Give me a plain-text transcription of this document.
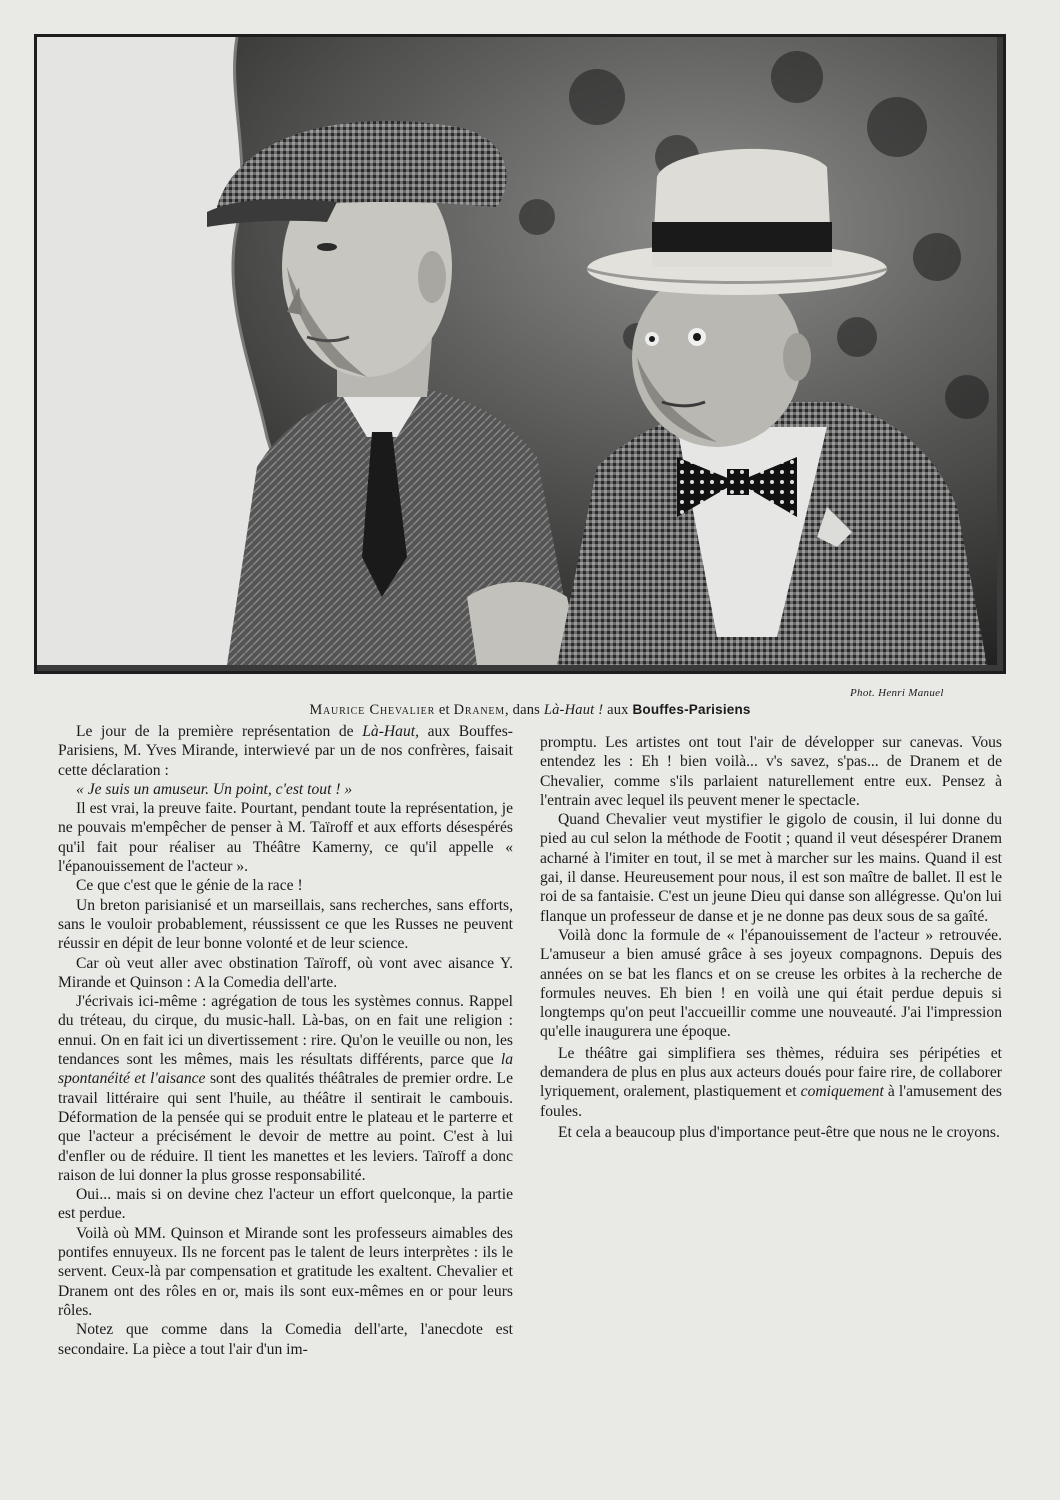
Phot. Henri Manuel
Maurice Chevalier et Dranem, dans Là-Haut ! aux Bouffes-Parisiens

Le jour de la première représentation de Là-Haut, aux Bouffes-Parisiens, M. Yves Mirande, interwievé par un de nos confrères, faisait cette déclaration :

« Je suis un amuseur. Un point, c'est tout ! »

Il est vrai, la preuve faite. Pourtant, pendant toute la représentation, je ne pouvais m'empêcher de penser à M. Taïroff et aux efforts désespérés qu'il fait pour réaliser au Théâtre Kamerny, ce qu'il appelle « l'épanouissement de l'acteur ».

Ce que c'est que le génie de la race !

Un breton parisianisé et un marseillais, sans recherches, sans efforts, sans le vouloir probablement, réussissent ce que les Russes ne peuvent réussir en dépit de leur bonne volonté et de leur science.

Car où veut aller avec obstination Taïroff, où vont avec aisance Y. Mirande et Quinson : A la Comedia dell'arte.

J'écrivais ici-même : agrégation de tous les systèmes connus. Rappel du tréteau, du cirque, du music-hall. Là-bas, on en fait une religion : ennui. On en fait ici un divertissement : rire. Qu'on le veuille ou non, les tendances sont les mêmes, mais les résultats différents, parce que la spontanéité et l'aisance sont des qualités théâtrales de premier ordre. Le travail littéraire qui sent l'huile, au théâtre il sentirait le cambouis. Déformation de la pensée qui se produit entre le plateau et le parterre et que l'acteur a précisément le devoir de mettre au point. C'est à lui d'enfler ou de réduire. Il tient les manettes et les leviers. Taïroff a donc raison de lui donner la plus grosse responsabilité.

Oui... mais si on devine chez l'acteur un effort quelconque, la partie est perdue.

Voilà où MM. Quinson et Mirande sont les professeurs aimables des pontifes ennuyeux. Ils ne forcent pas le talent de leurs interprètes : ils le servent. Ceux-là par compensation et gratitude les exaltent. Chevalier et Dranem ont des rôles en or, mais ils sont eux-mêmes en or pour leurs rôles.

Notez que comme dans la Comedia dell'arte, l'anecdote est secondaire. La pièce a tout l'air d'un im-

promptu. Les artistes ont tout l'air de développer sur canevas. Vous entendez les : Eh ! bien voilà... v's savez, s'pas... de Dranem et de Chevalier, comme s'ils parlaient naturellement entre eux. Pensez à l'entrain avec lequel ils peuvent mener le spectacle.

Quand Chevalier veut mystifier le gigolo de cousin, il lui donne du pied au cul selon la méthode de Footit ; quand il veut désespérer Dranem acharné à l'imiter en tout, il se met à marcher sur les mains. Quand il est gai, il danse. Heureusement pour nous, il est son maître de ballet. Il est le roi de sa fantaisie. C'est un jeune Dieu qui danse son allégresse. Qu'on lui flanque un professeur de danse et je ne donne pas deux sous de sa gaîté.

Voilà donc la formule de « l'épanouissement de l'acteur » retrouvée. L'amuseur a bien amusé grâce à ses joyeux compagnons. Depuis des années on se bat les flancs et on se creuse les orbites à la recherche de formules neuves. Eh bien ! en voilà une qui était perdue depuis si longtemps qu'on peut l'accueillir comme une nouveauté. J'ai l'impression qu'elle inaugurera une époque.

Le théâtre gai simplifiera ses thèmes, réduira ses péripéties et demandera de plus en plus aux acteurs doués pour faire rire, de collaborer lyriquement, oralement, plastiquement et comiquement à l'amusement des foules.

Et cela a beaucoup plus d'importance peut-être que nous ne le croyons.
